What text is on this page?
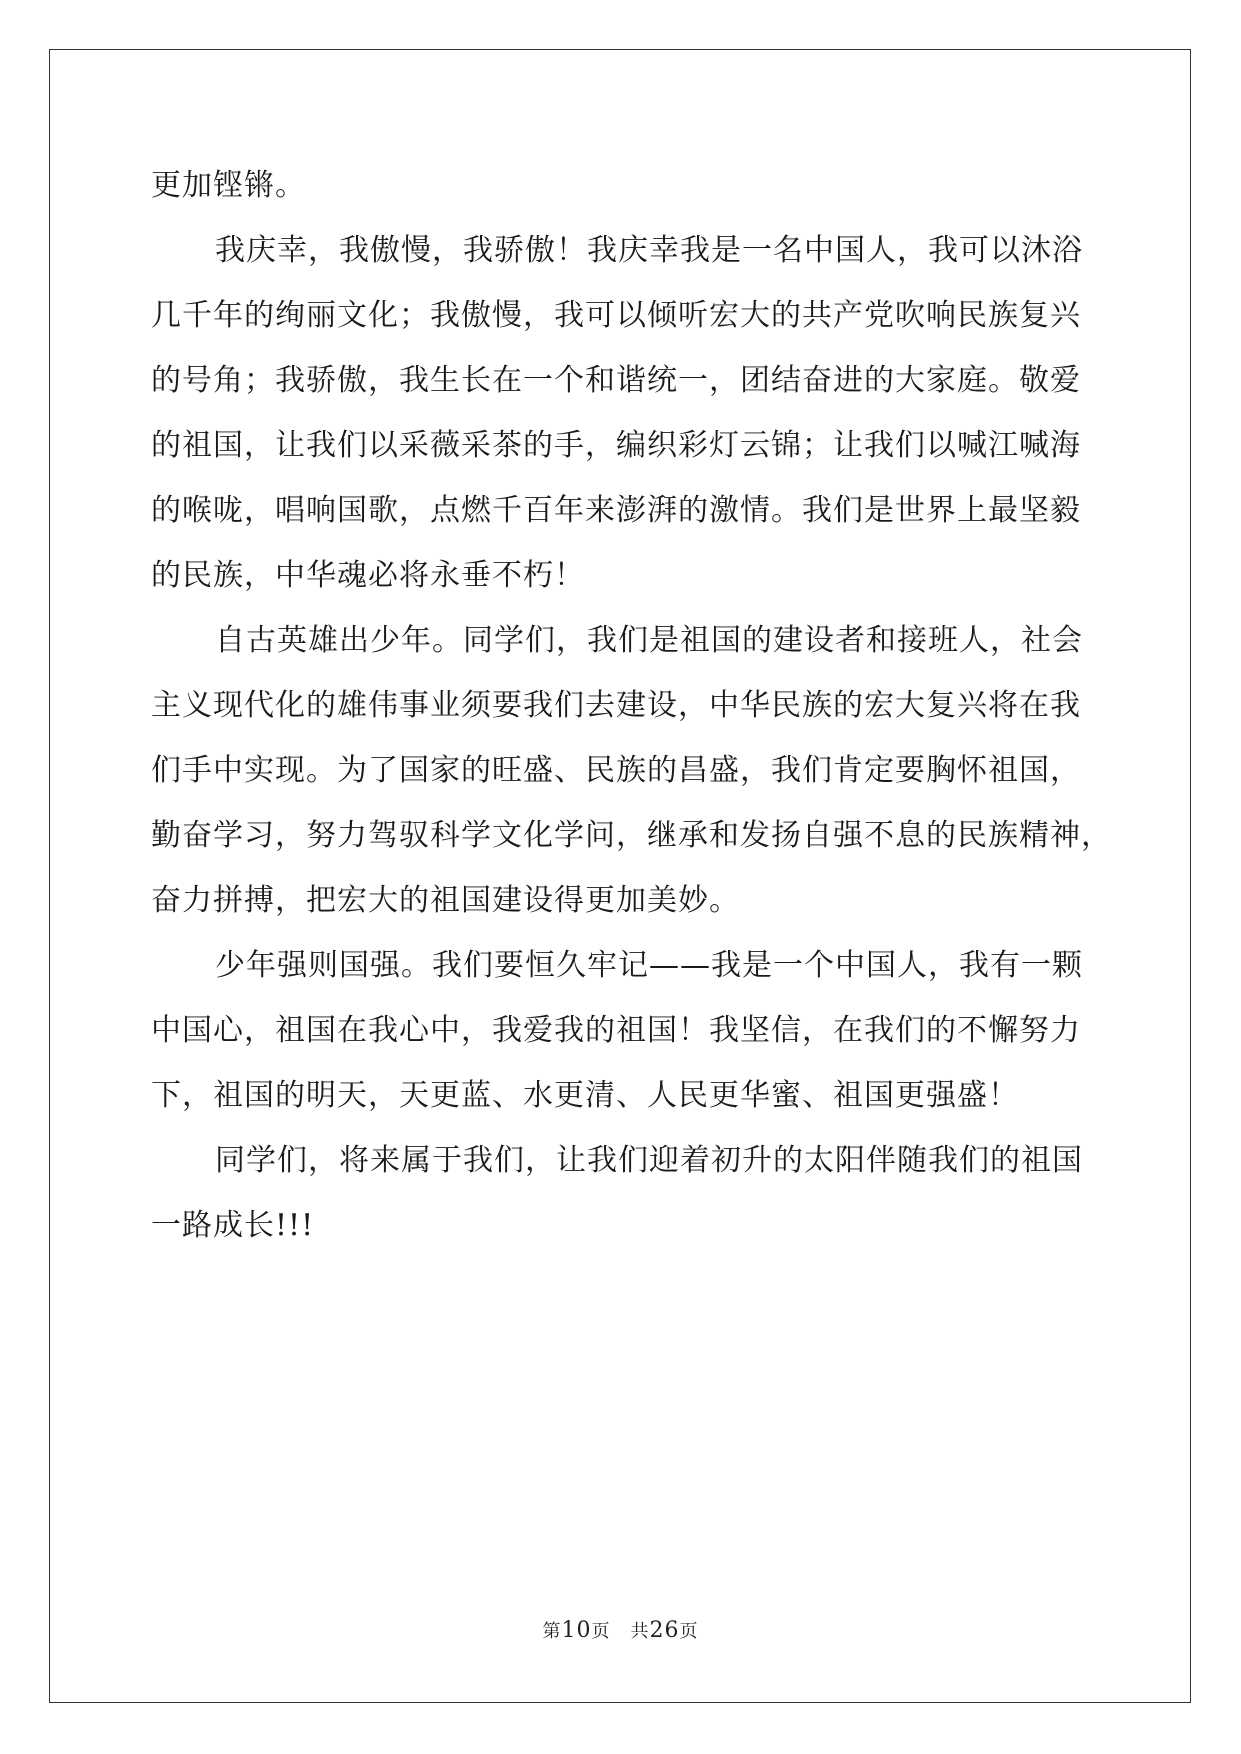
更加铿锵。
我庆幸，我傲慢，我骄傲！我庆幸我是一名中国人，我可以沐浴
几千年的绚丽文化；我傲慢，我可以倾听宏大的共产党吹响民族复兴
的号角；我骄傲，我生长在一个和谐统一，团结奋进的大家庭。敬爱
的祖国，让我们以采薇采茶的手，编织彩灯云锦；让我们以喊江喊海
的喉咙，唱响国歌，点燃千百年来澎湃的激情。我们是世界上最坚毅
的民族，中华魂必将永垂不朽！
自古英雄出少年。同学们，我们是祖国的建设者和接班人，社会
主义现代化的雄伟事业须要我们去建设，中华民族的宏大复兴将在我
们手中实现。为了国家的旺盛、民族的昌盛，我们肯定要胸怀祖国，
勤奋学习，努力驾驭科学文化学问，继承和发扬自强不息的民族精神，
奋力拼搏，把宏大的祖国建设得更加美妙。
少年强则国强。我们要恒久牢记——我是一个中国人，我有一颗
中国心，祖国在我心中，我爱我的祖国！我坚信，在我们的不懈努力
下，祖国的明天，天更蓝、水更清、人民更华蜜、祖国更强盛！
同学们，将来属于我们，让我们迎着初升的太阳伴随我们的祖国
一路成长!!!
第10页 共26页
